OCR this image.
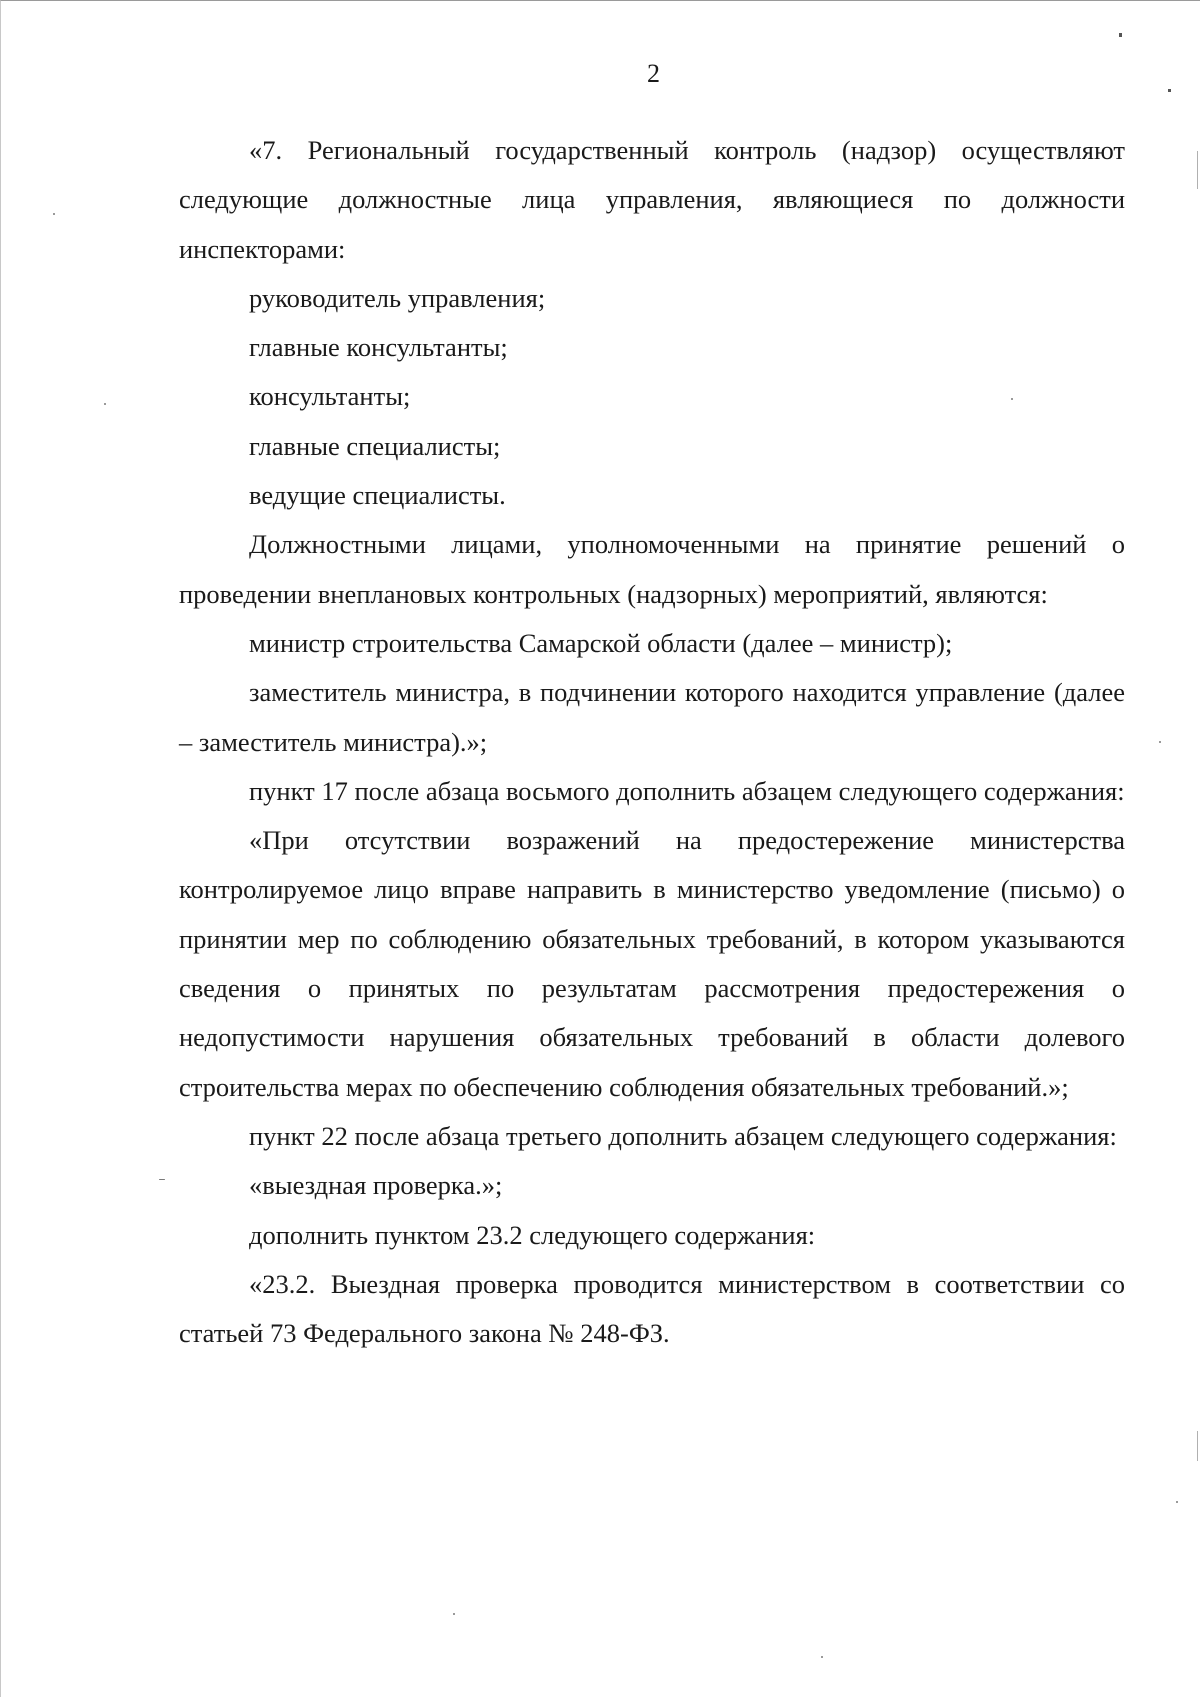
2

«7. Региональный государственный контроль (надзор) осуществляют следующие должностные лица управления, являющиеся по должности инспекторами:

руководитель управления;

главные консультанты;

консультанты;

главные специалисты;

ведущие специалисты.

Должностными лицами, уполномоченными на принятие решений о проведении внеплановых контрольных (надзорных) мероприятий, являются:

министр строительства Самарской области (далее – министр);

заместитель министра, в подчинении которого находится управление (далее – заместитель министра).»;

пункт 17 после абзаца восьмого дополнить абзацем следующего содержания:

«При отсутствии возражений на предостережение министерства контролируемое лицо вправе направить в министерство уведомление (письмо) о принятии мер по соблюдению обязательных требований, в котором указываются сведения о принятых по результатам рассмотрения предостережения о недопустимости нарушения обязательных требований в области долевого строительства мерах по обеспечению соблюдения обязательных требований.»;

пункт 22 после абзаца третьего дополнить абзацем следующего содержания:

«выездная проверка.»;

дополнить пунктом 23.2 следующего содержания:

«23.2. Выездная проверка проводится министерством в соответствии со статьей 73 Федерального закона № 248-ФЗ.
